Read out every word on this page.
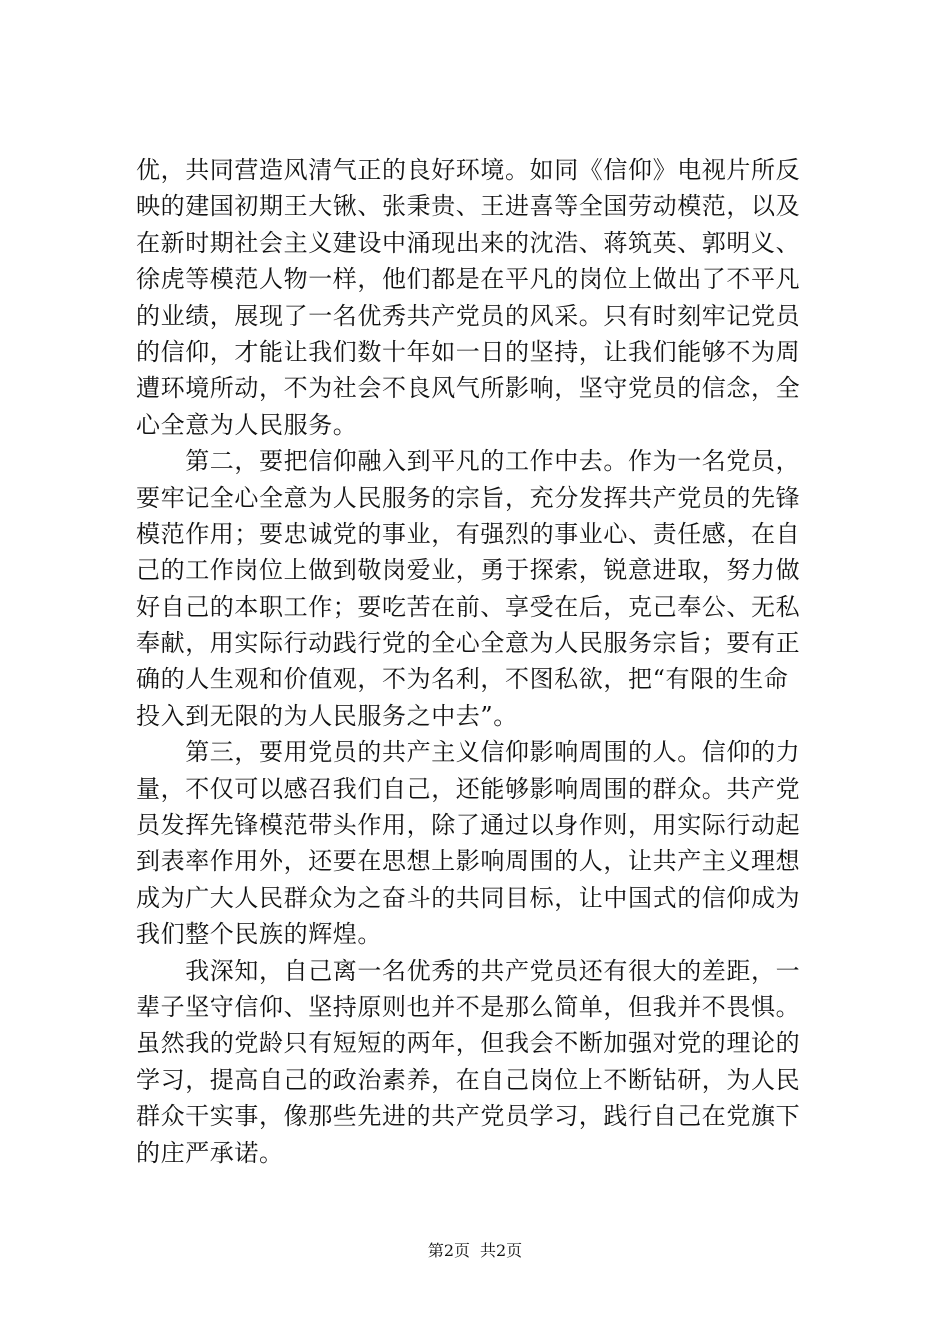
优，共同营造风清气正的良好环境。如同《信仰》电视片所反
映的建国初期王大锹、张秉贵、王进喜等全国劳动模范，以及
在新时期社会主义建设中涌现出来的沈浩、蒋筑英、郭明义、
徐虎等模范人物一样，他们都是在平凡的岗位上做出了不平凡
的业绩，展现了一名优秀共产党员的风采。只有时刻牢记党员
的信仰，才能让我们数十年如一日的坚持，让我们能够不为周
遭环境所动，不为社会不良风气所影响，坚守党员的信念，全
心全意为人民服务。
　　第二，要把信仰融入到平凡的工作中去。作为一名党员，
要牢记全心全意为人民服务的宗旨，充分发挥共产党员的先锋
模范作用；要忠诚党的事业，有强烈的事业心、责任感，在自
己的工作岗位上做到敬岗爱业，勇于探索，锐意进取，努力做
好自己的本职工作；要吃苦在前、享受在后，克己奉公、无私
奉献，用实际行动践行党的全心全意为人民服务宗旨；要有正
确的人生观和价值观，不为名利，不图私欲，把“有限的生命
投入到无限的为人民服务之中去”。
　　第三，要用党员的共产主义信仰影响周围的人。信仰的力
量，不仅可以感召我们自己，还能够影响周围的群众。共产党
员发挥先锋模范带头作用，除了通过以身作则，用实际行动起
到表率作用外，还要在思想上影响周围的人，让共产主义理想
成为广大人民群众为之奋斗的共同目标，让中国式的信仰成为
我们整个民族的辉煌。
　　我深知，自己离一名优秀的共产党员还有很大的差距，一
辈子坚守信仰、坚持原则也并不是那么简单，但我并不畏惧。
虽然我的党龄只有短短的两年，但我会不断加强对党的理论的
学习，提高自己的政治素养，在自己岗位上不断钻研，为人民
群众干实事，像那些先进的共产党员学习，践行自己在党旗下
的庄严承诺。
第2页 共2页
